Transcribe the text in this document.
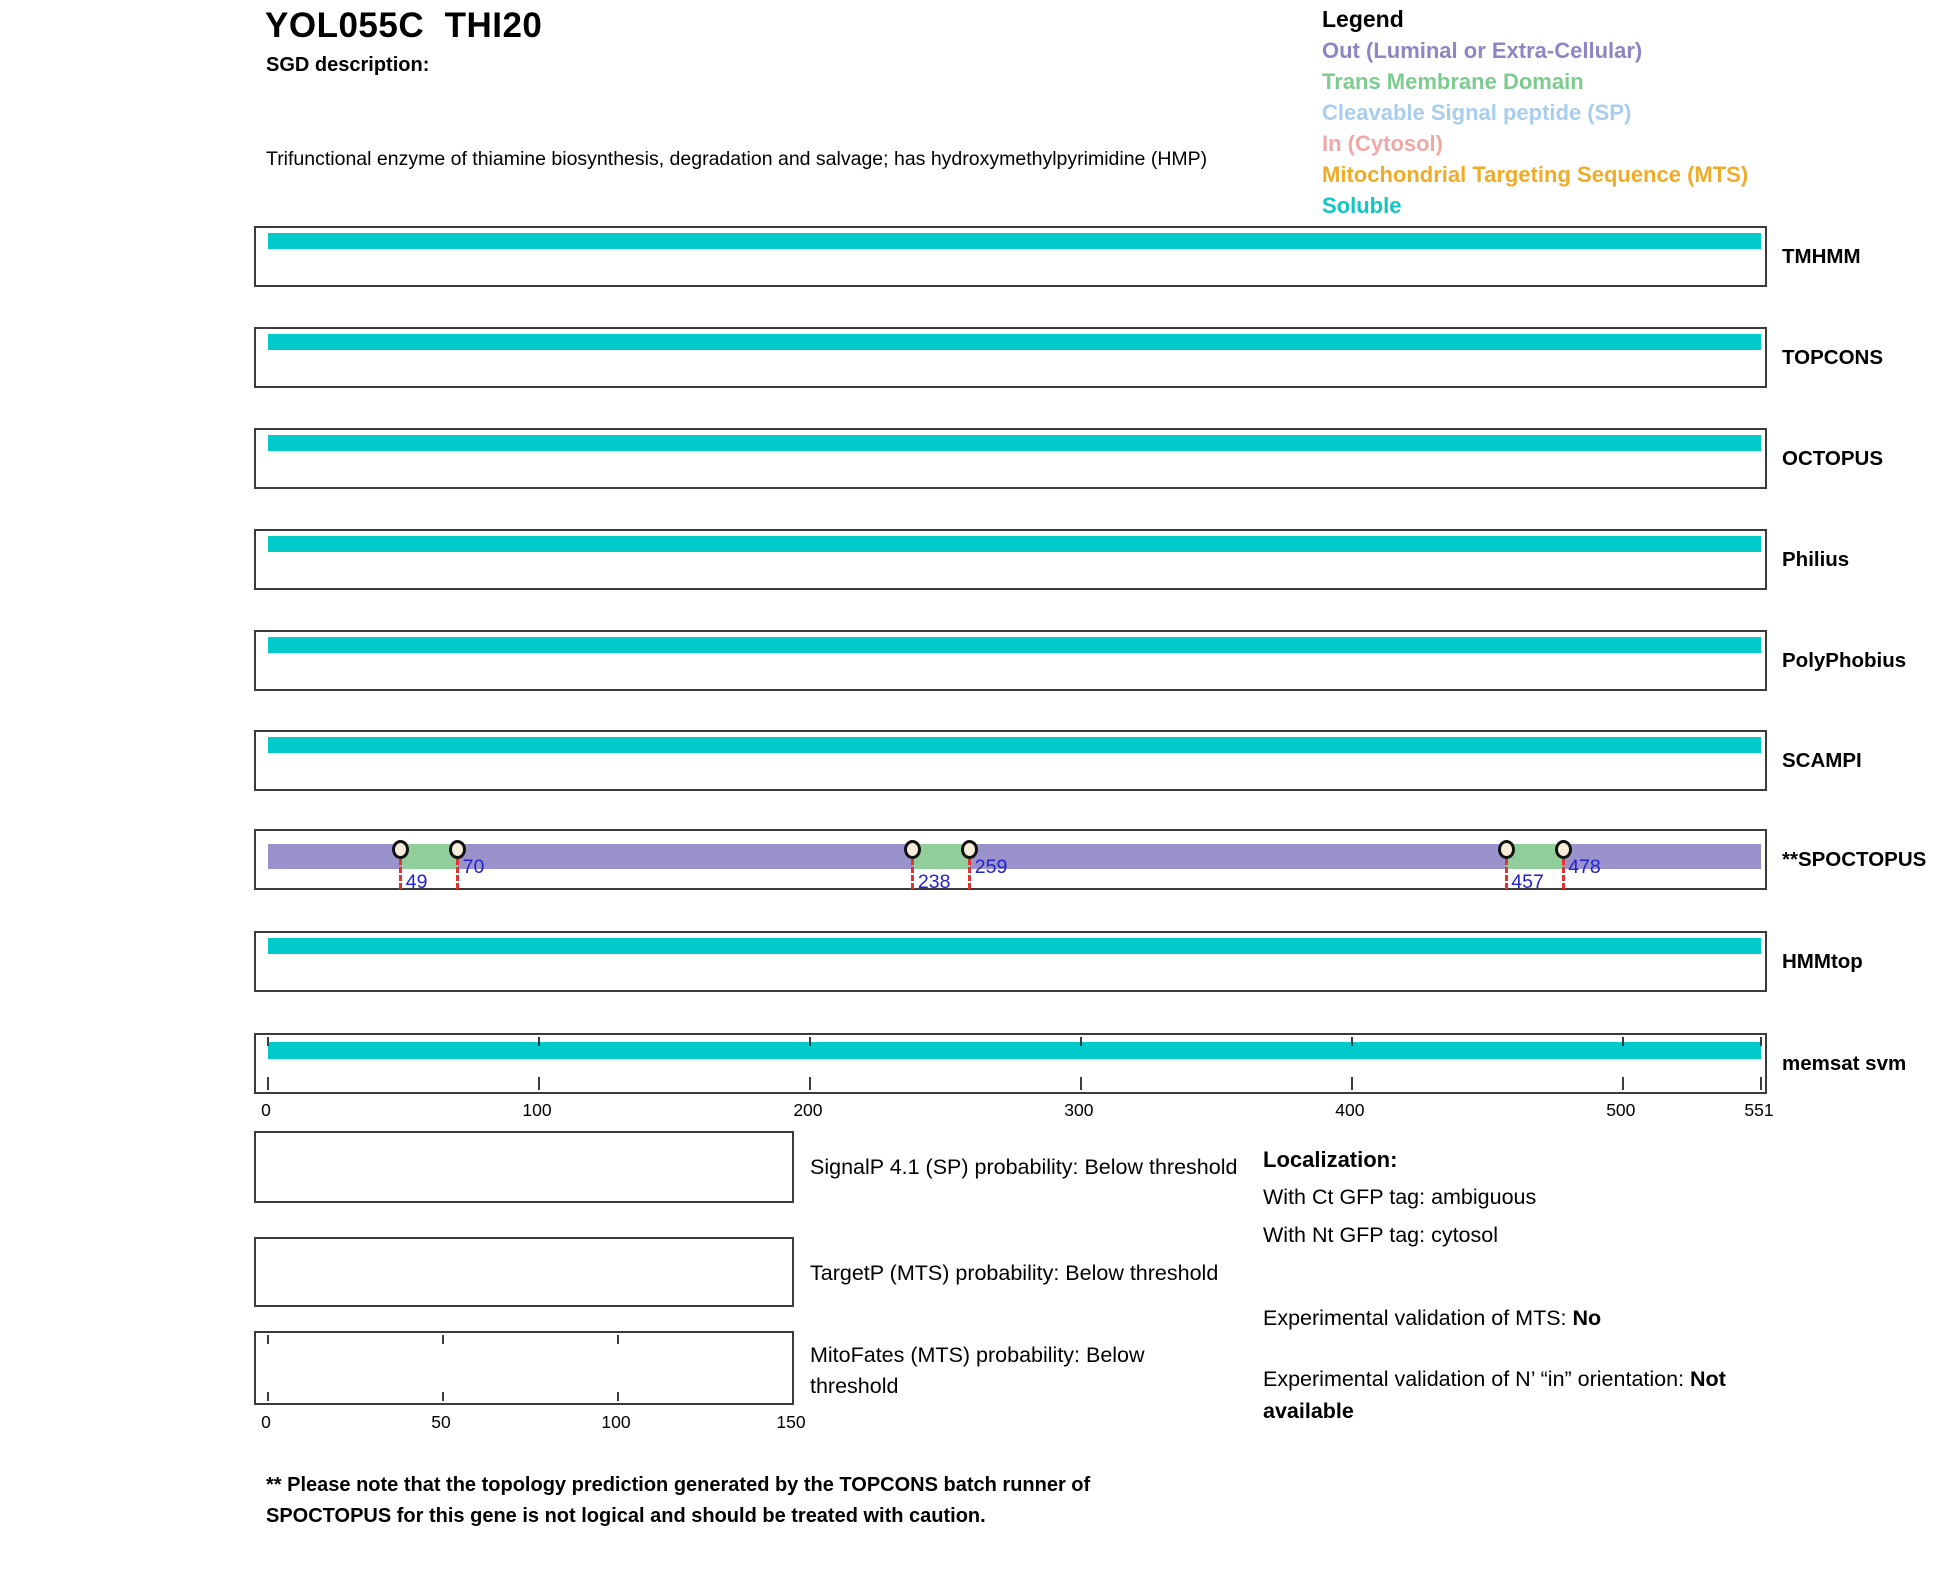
YOL055C  THI20
SGD description:

Trifunctional enzyme of thiamine biosynthesis, degradation and salvage; has hydroxymethylpyrimidine (HMP)

Legend
Out (Luminal or Extra-Cellular)
Trans Membrane Domain
Cleavable Signal peptide (SP)
In (Cytosol)
Mitochondrial Targeting Sequence (MTS)
Soluble
TMHMM
TOPCONS
OCTOPUS
Philius
PolyPhobius
SCAMPI
49
70
238
259
457
478	**SPOCTOPUS
HMMtop
memsat svm
0	100	200	300	400	500	551
SignalP 4.1 (SP) probability: Below threshold
TargetP (MTS) probability: Below threshold
MitoFates (MTS) probability: Below
threshold
0	50	100	150
Localization:
With Ct GFP tag: ambiguous
With Nt GFP tag: cytosol
Experimental validation of MTS: No
Experimental validation of N’ “in” orientation: Not
available
** Please note that the topology prediction generated by the TOPCONS batch runner of
SPOCTOPUS for this gene is not logical and should be treated with caution.
